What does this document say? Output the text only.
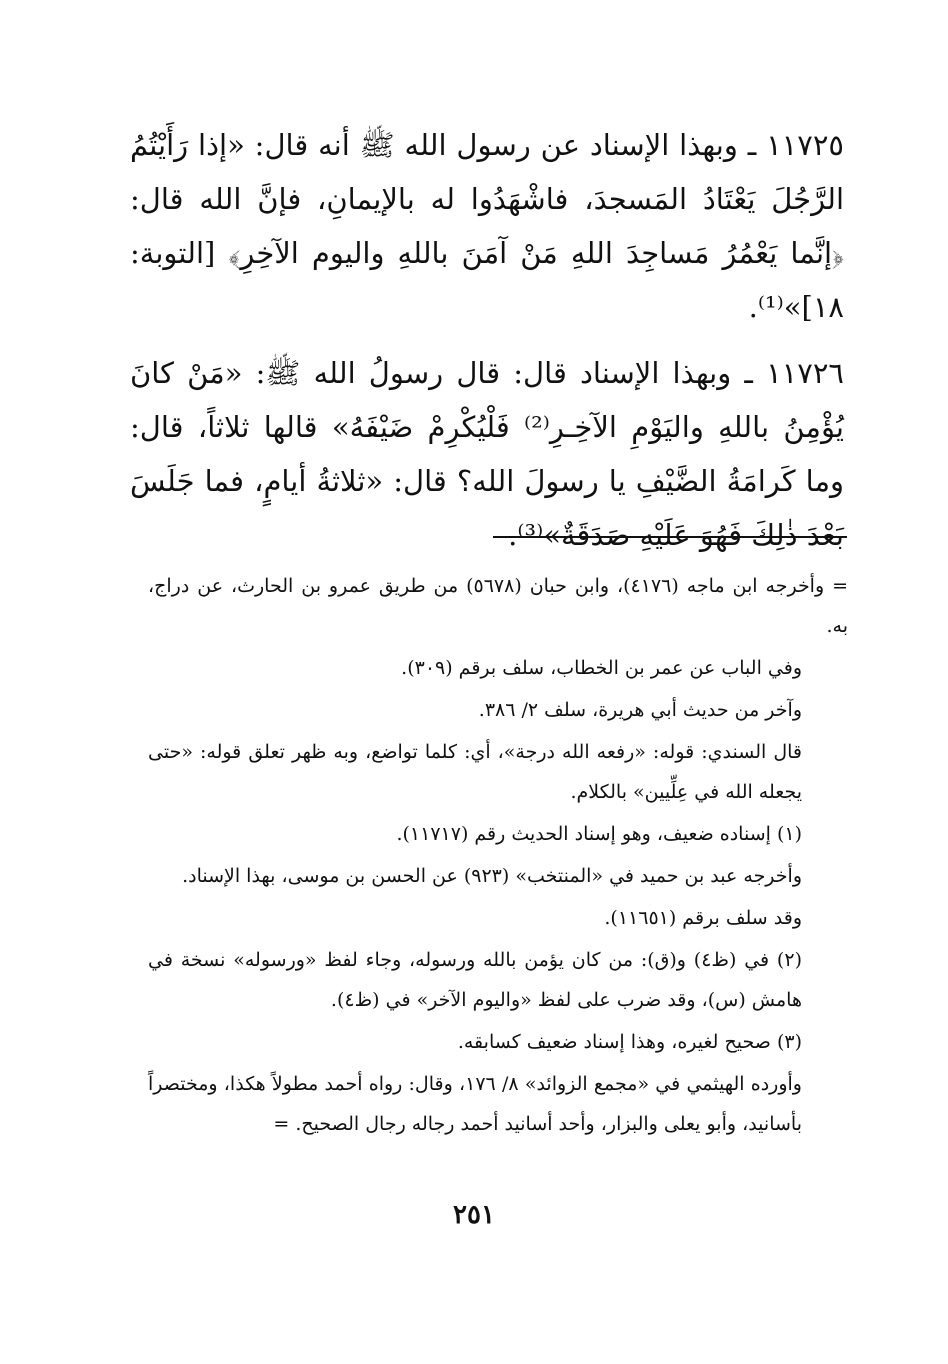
١١٧٢٥ ـ وبهذا الإسناد عن رسول الله ﷺ أنه قال: «إذا رَأَيْتُمُ الرَّجُلَ يَعْتَادُ المَسجدَ، فاشْهَدُوا له بالإيمانِ، فإنَّ الله قال: ﴿إنَّما يَعْمُرُ مَساجِدَ اللهِ مَنْ آمَنَ باللهِ واليوم الآخِرِ﴾ [التوبة: ١٨]»⁽¹⁾.

١١٧٢٦ ـ وبهذا الإسناد قال: قال رسولُ الله ﷺ: «مَنْ كانَ يُؤْمِنُ باللهِ واليَوْمِ الآخِـرِ⁽²⁾ فَلْيُكْرِمْ ضَيْفَهُ» قالها ثلاثاً، قال: وما كَرامَةُ الضَّيْفِ يا رسولَ الله؟ قال: «ثلاثةُ أيامٍ، فما جَلَسَ بَعْدَ ذٰلِكَ فَهُوَ عَلَيْهِ صَدَقَةٌ»⁽³⁾.

= وأخرجه ابن ماجه (٤١٧٦)، وابن حبان (٥٦٧٨) من طريق عمرو بن الحارث، عن دراج، به.

وفي الباب عن عمر بن الخطاب، سلف برقم (٣٠٩).

وآخر من حديث أبي هريرة، سلف ٢/ ٣٨٦.

قال السندي: قوله: «رفعه الله درجة»، أي: كلما تواضع، وبه ظهر تعلق قوله: «حتى يجعله الله في عِلِّيين» بالكلام.

(١) إسناده ضعيف، وهو إسناد الحديث رقم (١١٧١٧).

وأخرجه عبد بن حميد في «المنتخب» (٩٢٣) عن الحسن بن موسى، بهذا الإسناد.

وقد سلف برقم (١١٦٥١).

(٢) في (ظ٤) و(ق): من كان يؤمن بالله ورسوله، وجاء لفظ «ورسوله» نسخة في هامش (س)، وقد ضرب على لفظ «واليوم الآخر» في (ظ٤).

(٣) صحيح لغيره، وهذا إسناد ضعيف كسابقه.

وأورده الهيثمي في «مجمع الزوائد» ٨/ ١٧٦، وقال: رواه أحمد مطولاً هكذا، ومختصراً بأسانيد، وأبو يعلى والبزار، وأحد أسانيد أحمد رجاله رجال الصحيح. =

٢٥١
